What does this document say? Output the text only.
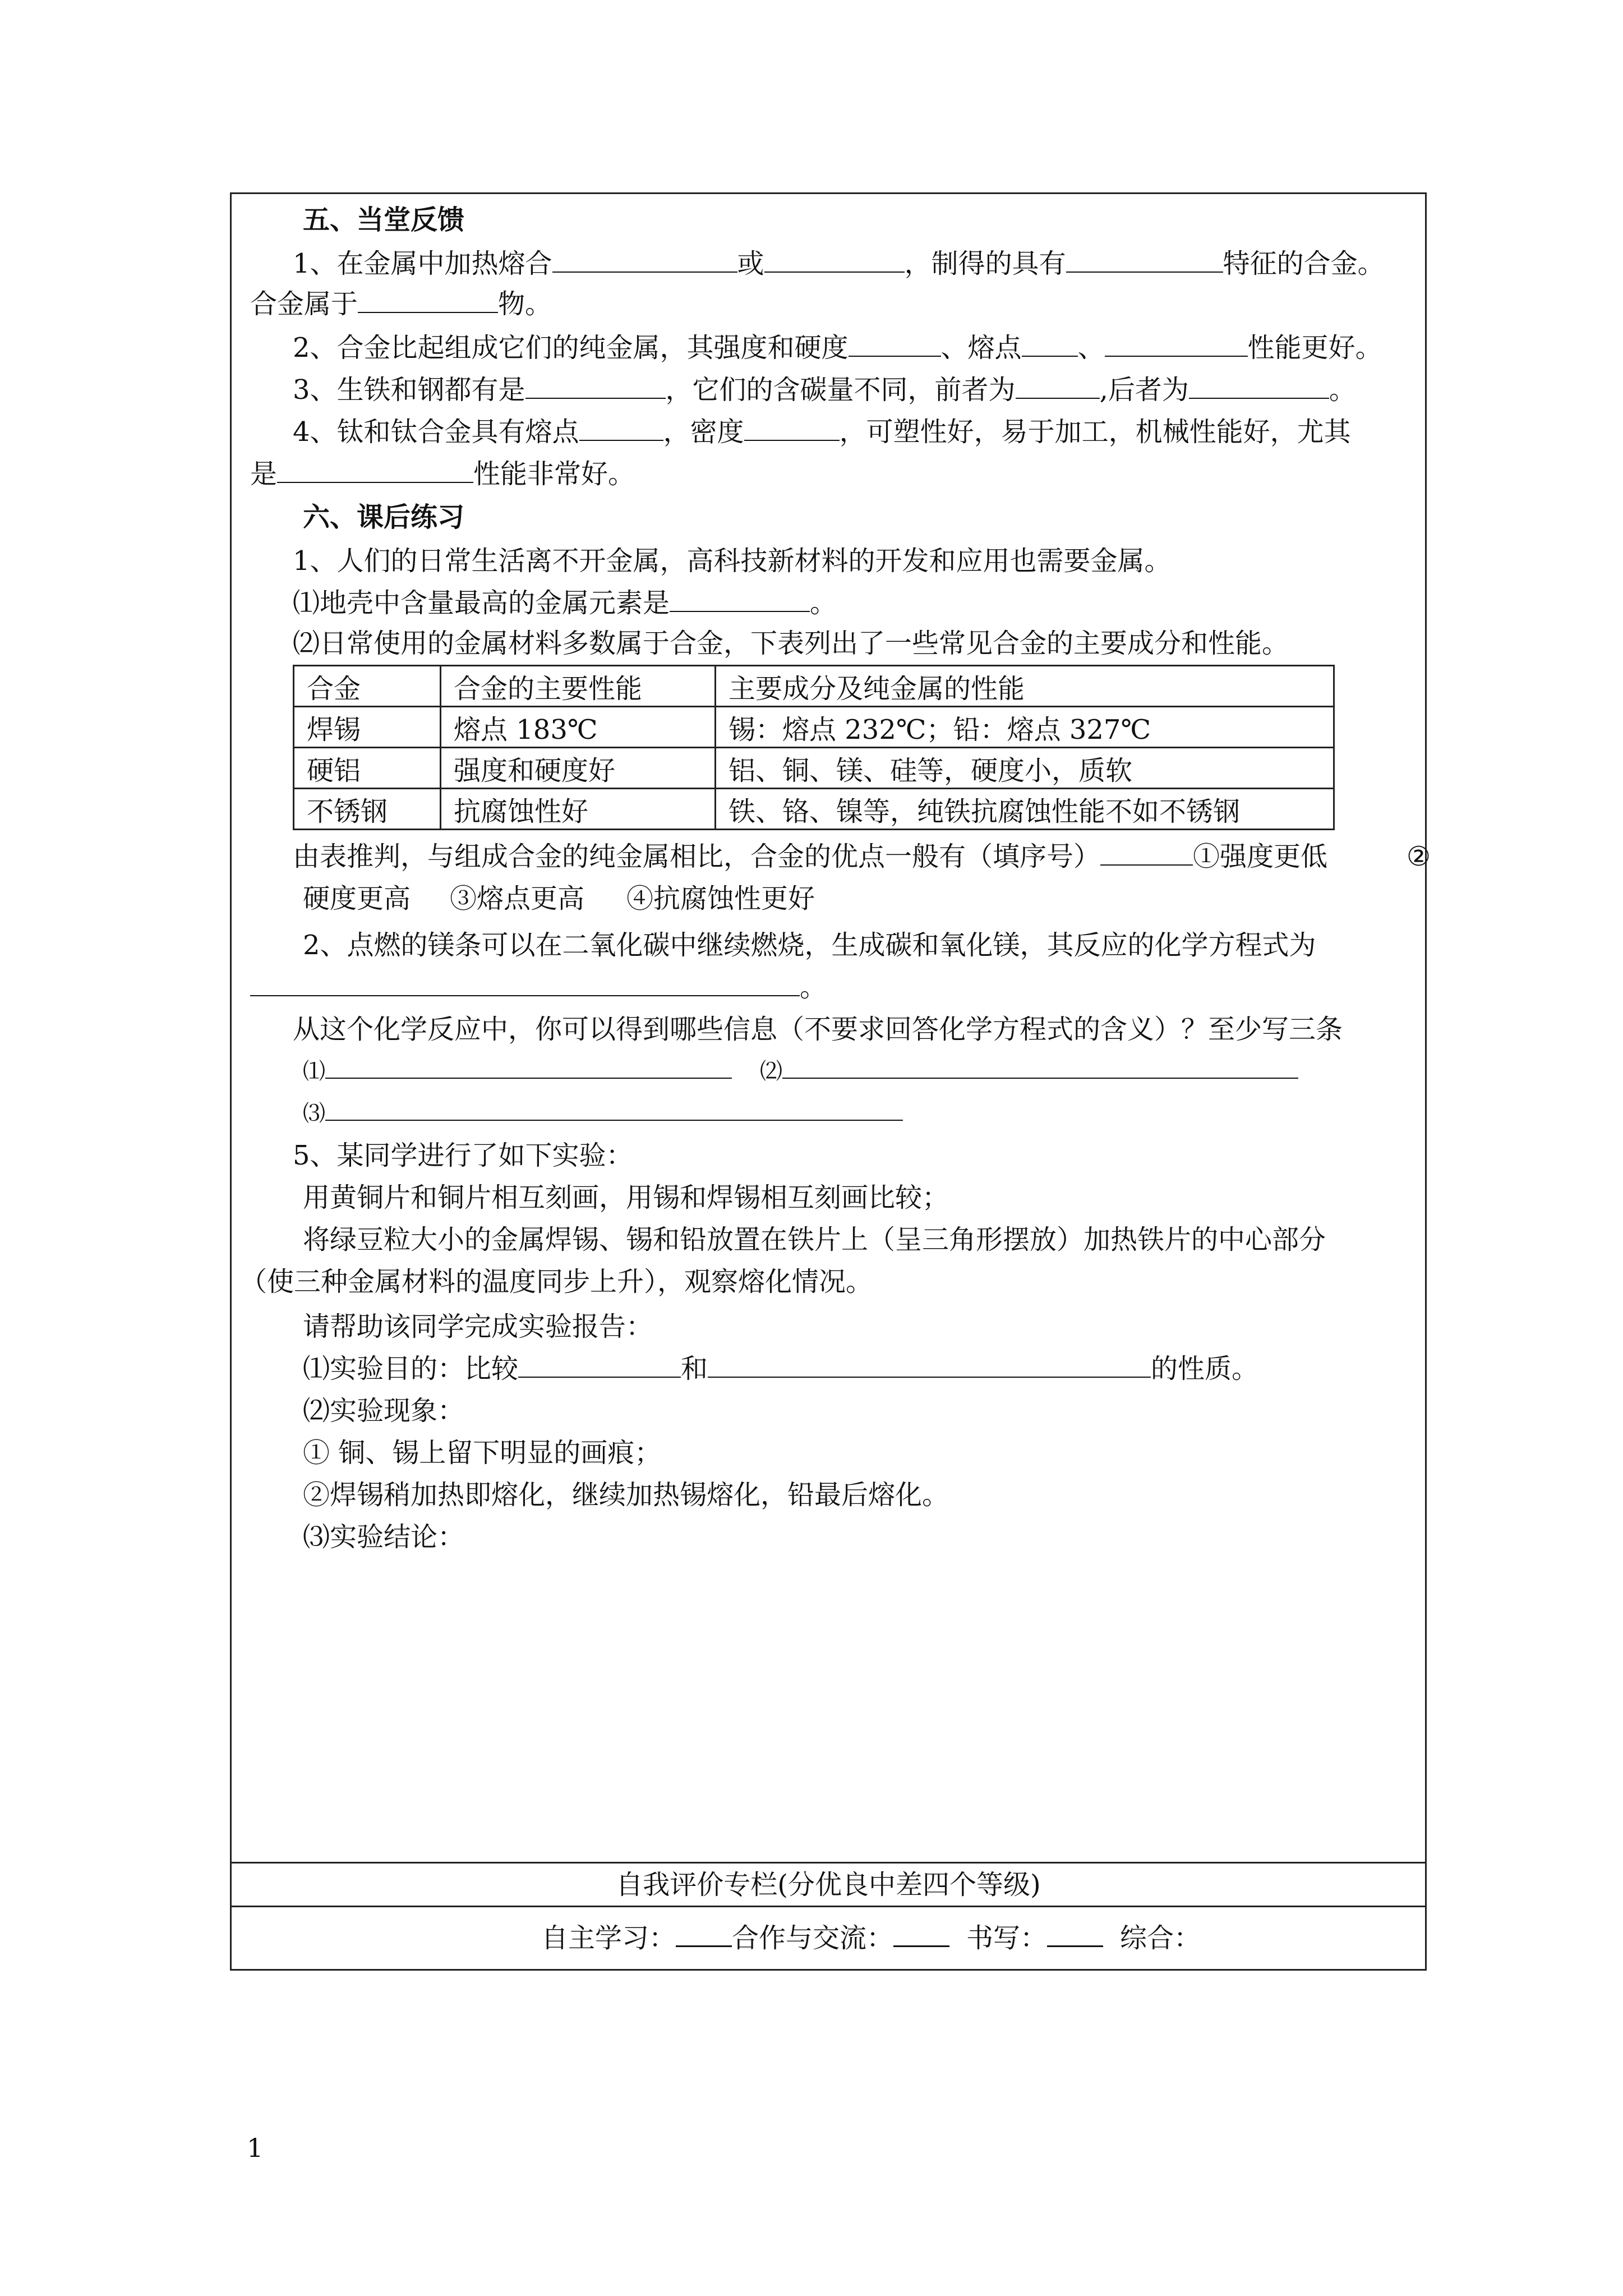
五、当堂反馈
1、在金属中加热熔合	或	，制得的具有	特征的合金。
合金属于	物。
2、合金比起组成它们的纯金属，其强度和硬度	、熔点 、	性能更好。
3、生铁和钢都有是	，它们的含碳量不同，前者为	,后者为	。
4、钛和钛合金具有熔点	，密度	，可塑性好，易于加工，机械性能好，尤其
是	性能非常好。
六、课后练习
1、人们的日常生活离不开金属，高科技新材料的开发和应用也需要金属。
⑴地壳中含量最高的金属元素是	。
⑵日常使用的金属材料多数属于合金，下表列出了一些常见合金的主要成分和性能。
合金	合金的主要性能	主要成分及纯金属的性能
焊锡	熔点 183℃	锡：熔点 232℃；铅：熔点 327℃
硬铝	强度和硬度好	铝、铜、镁、硅等，硬度小，质软
不锈钢	抗腐蚀性好	铁、铬、镍等，纯铁抗腐蚀性能不如不锈钢
由表推判，与组成合金的纯金属相比，合金的优点一般有（填序号）	①强度更低	②
硬度更高 ③熔点更高 ④抗腐蚀性更好
2、点燃的镁条可以在二氧化碳中继续燃烧，生成碳和氧化镁，其反应的化学方程式为
。
从这个化学反应中，你可以得到哪些信息（不要求回答化学方程式的含义）？至少写三条
⑴	⑵
⑶
5、某同学进行了如下实验：
用黄铜片和铜片相互刻画，用锡和焊锡相互刻画比较；
将绿豆粒大小的金属焊锡、锡和铅放置在铁片上（呈三角形摆放）加热铁片的中心部分
（使三种金属材料的温度同步上升），观察熔化情况。
请帮助该同学完成实验报告：
⑴实验目的：比较	和	的性质。
⑵实验现象：
① 铜、锡上留下明显的画痕；
②焊锡稍加热即熔化，继续加热锡熔化，铅最后熔化。
⑶实验结论：
自我评价专栏(分优良中差四个等级)
自主学习： 合作与交流：	书写：	综合：
1
